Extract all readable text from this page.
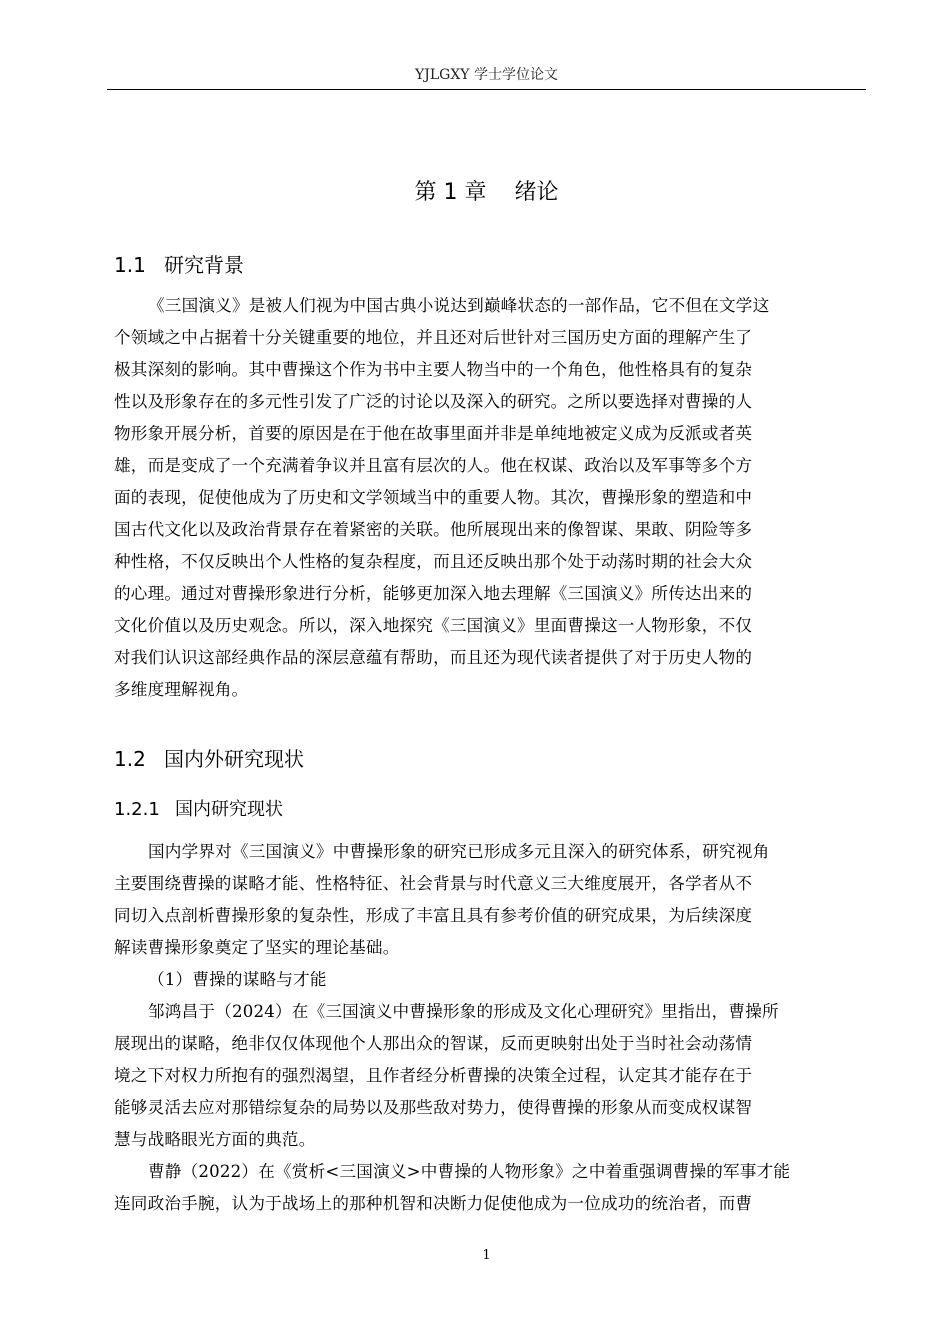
YJLGXY 学士学位论文
第 1 章    绪论
1.1 研究背景
《三国演义》是被人们视为中国古典小说达到巅峰状态的一部作品，它不但在文学这
个领域之中占据着十分关键重要的地位，并且还对后世针对三国历史方面的理解产生了
极其深刻的影响。其中曹操这个作为书中主要人物当中的一个角色，他性格具有的复杂
性以及形象存在的多元性引发了广泛的讨论以及深入的研究。之所以要选择对曹操的人
物形象开展分析，首要的原因是在于他在故事里面并非是单纯地被定义成为反派或者英
雄，而是变成了一个充满着争议并且富有层次的人。他在权谋、政治以及军事等多个方
面的表现，促使他成为了历史和文学领域当中的重要人物。其次，曹操形象的塑造和中
国古代文化以及政治背景存在着紧密的关联。他所展现出来的像智谋、果敢、阴险等多
种性格，不仅反映出个人性格的复杂程度，而且还反映出那个处于动荡时期的社会大众
的心理。通过对曹操形象进行分析，能够更加深入地去理解《三国演义》所传达出来的
文化价值以及历史观念。所以，深入地探究《三国演义》里面曹操这一人物形象，不仅
对我们认识这部经典作品的深层意蕴有帮助，而且还为现代读者提供了对于历史人物的
多维度理解视角。
1.2 国内外研究现状
1.2.1 国内研究现状
国内学界对《三国演义》中曹操形象的研究已形成多元且深入的研究体系，研究视角
主要围绕曹操的谋略才能、性格特征、社会背景与时代意义三大维度展开，各学者从不
同切入点剖析曹操形象的复杂性，形成了丰富且具有参考价值的研究成果，为后续深度
解读曹操形象奠定了坚实的理论基础。
（1）曹操的谋略与才能
邹鸿昌于（2024）在《三国演义中曹操形象的形成及文化心理研究》里指出，曹操所
展现出的谋略，绝非仅仅体现他个人那出众的智谋，反而更映射出处于当时社会动荡情
境之下对权力所抱有的强烈渴望，且作者经分析曹操的决策全过程，认定其才能存在于
能够灵活去应对那错综复杂的局势以及那些敌对势力，使得曹操的形象从而变成权谋智
慧与战略眼光方面的典范。
曹静（2022）在《赏析<三国演义>中曹操的人物形象》之中着重强调曹操的军事才能
连同政治手腕，认为于战场上的那种机智和决断力促使他成为一位成功的统治者，而曹
1
